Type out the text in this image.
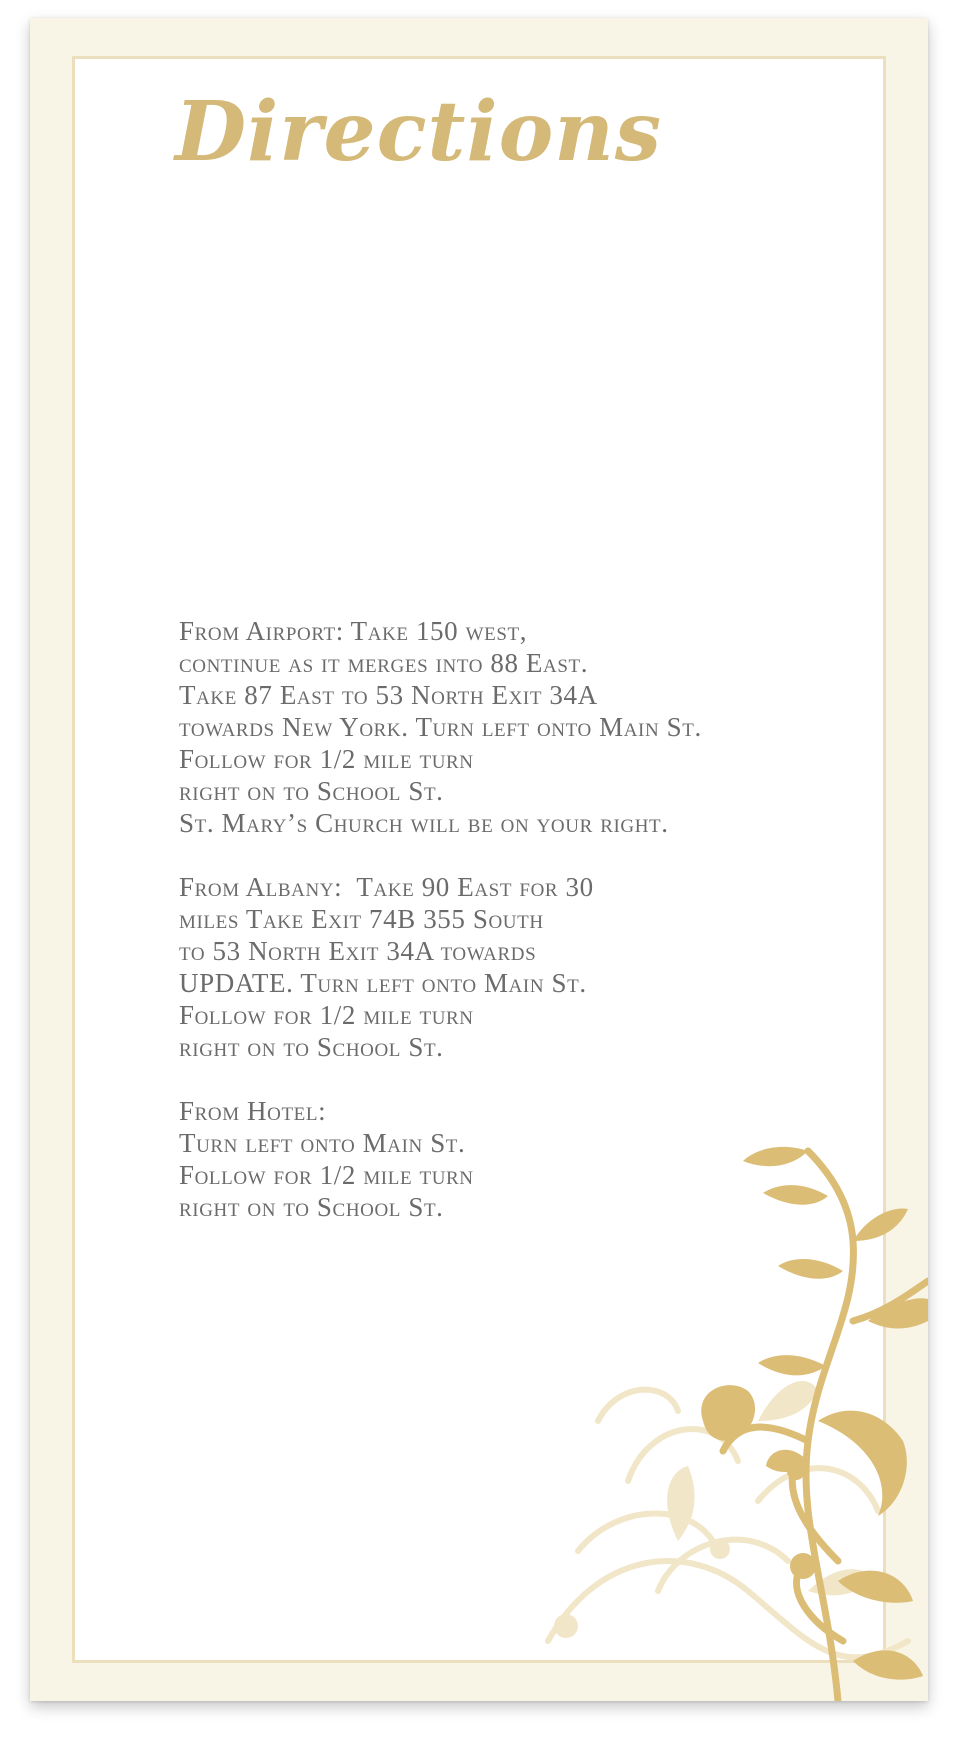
Directions
From Airport: Take 150 west,
continue as it merges into 88 East.
Take 87 East to 53 North Exit 34A
towards New York. Turn left onto Main St.
Follow for 1/2 mile turn
right on to School St.
St. Mary’s Church will be on your right.
From Albany:  Take 90 East for 30
miles Take Exit 74B 355 South
to 53 North Exit 34A towards
UPDATE. Turn left onto Main St.
Follow for 1/2 mile turn
right on to School St.
From Hotel:
Turn left onto Main St.
Follow for 1/2 mile turn
right on to School St.
